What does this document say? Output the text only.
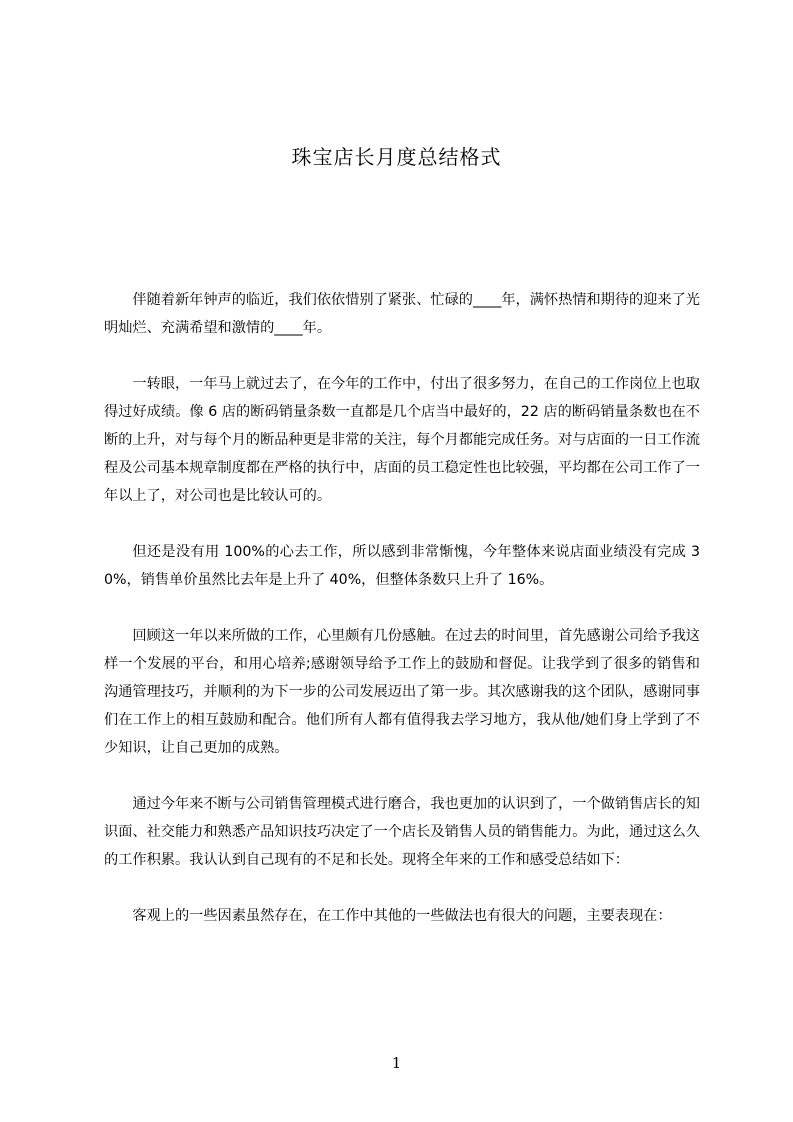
珠宝店长月度总结格式

伴随着新年钟声的临近，我们依依惜别了紧张、忙碌的____年，满怀热情和期待的迎来了光明灿烂、充满希望和激情的____年。

一转眼，一年马上就过去了，在今年的工作中，付出了很多努力，在自己的工作岗位上也取得过好成绩。像 6 店的断码销量条数一直都是几个店当中最好的，22 店的断码销量条数也在不断的上升，对与每个月的断品种更是非常的关注，每个月都能完成任务。对与店面的一日工作流程及公司基本规章制度都在严格的执行中，店面的员工稳定性也比较强，平均都在公司工作了一年以上了，对公司也是比较认可的。

但还是没有用 100%的心去工作，所以感到非常惭愧，今年整体来说店面业绩没有完成 30%，销售单价虽然比去年是上升了 40%，但整体条数只上升了 16%。

回顾这一年以来所做的工作，心里颇有几份感触。在过去的时间里，首先感谢公司给予我这样一个发展的平台，和用心培养;感谢领导给予工作上的鼓励和督促。让我学到了很多的销售和沟通管理技巧，并顺利的为下一步的公司发展迈出了第一步。其次感谢我的这个团队，感谢同事们在工作上的相互鼓励和配合。他们所有人都有值得我去学习地方，我从他/她们身上学到了不少知识，让自己更加的成熟。

通过今年来不断与公司销售管理模式进行磨合，我也更加的认识到了，一个做销售店长的知识面、社交能力和熟悉产品知识技巧决定了一个店长及销售人员的销售能力。为此，通过这么久的工作积累。我认认到自己现有的不足和长处。现将全年来的工作和感受总结如下：

客观上的一些因素虽然存在，在工作中其他的一些做法也有很大的问题，主要表现在：

1
